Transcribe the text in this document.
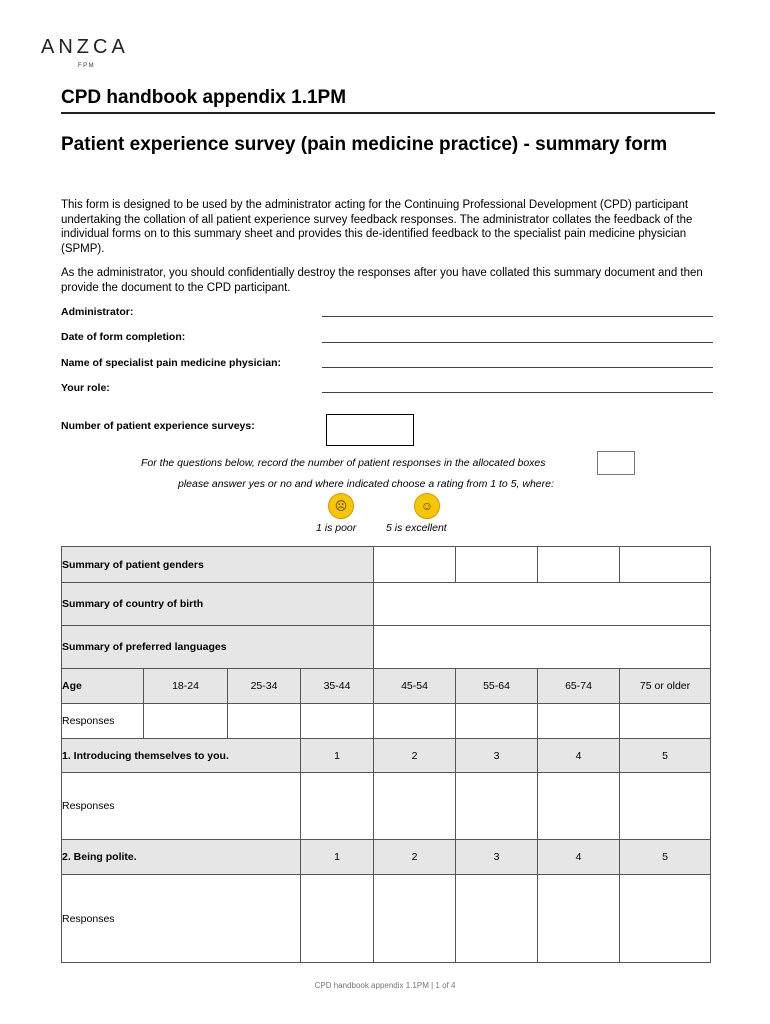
ANZCA
FPM
CPD handbook appendix 1.1PM
Patient experience survey (pain medicine practice) - summary form
This form is designed to be used by the administrator acting for the Continuing Professional Development (CPD) participant undertaking the collation of all patient experience survey feedback responses. The administrator collates the feedback of the individual forms on to this summary sheet and provides this de-identified feedback to the specialist pain medicine physician (SPMP).
As the administrator, you should confidentially destroy the responses after you have collated this summary document and then provide the document to the CPD participant.
Administrator:
Date of form completion:
Name of specialist pain medicine physician:
Your role:
Number of patient experience surveys:
For the questions below, record the number of patient responses in the allocated boxes
please answer yes or no and where indicated choose a rating from 1 to 5, where:
☹	☺
1 is poor	5 is excellent
Summary of patient genders							
Summary of country of birth							
Summary of preferred languages							
Age	18-24	25-34	35-44	45-54	55-64	65-74	75 or older
Responses							
1. Introducing themselves to you.			1	2	3	4	5
Responses							
2. Being polite.			1	2	3	4	5
Responses							
CPD handbook appendix 1.1PM | 1 of 4
